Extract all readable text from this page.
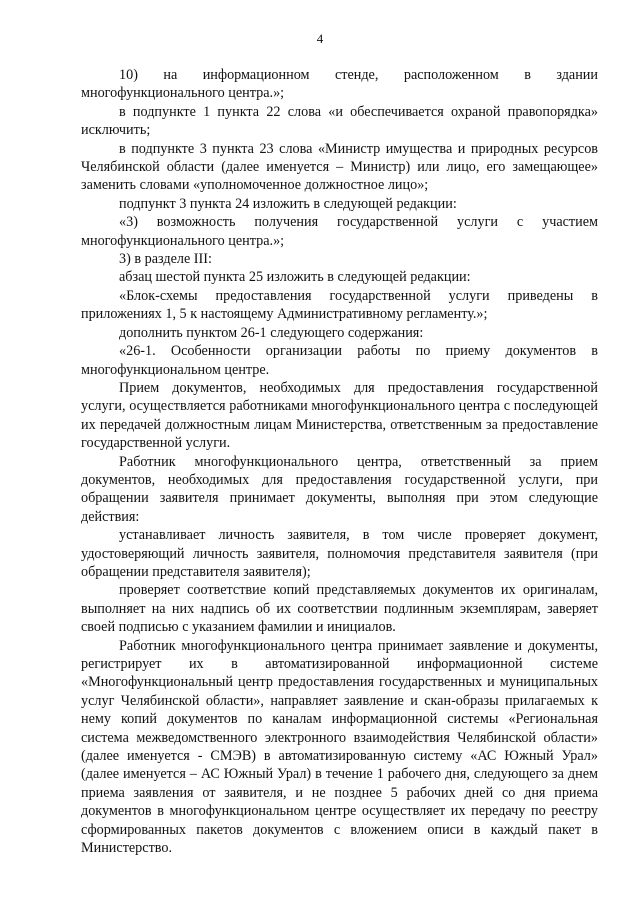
4

10) на информационном стенде, расположенном в здании многофункционального центра.»;

в подпункте 1 пункта 22 слова «и обеспечивается охраной правопорядка» исключить;

в подпункте 3 пункта 23 слова «Министр имущества и природных ресурсов Челябинской области (далее именуется – Министр) или лицо, его замещающее» заменить словами «уполномоченное должностное лицо»;

подпункт 3 пункта 24 изложить в следующей редакции:

«3) возможность получения государственной услуги с участием многофункционального центра.»;

3) в разделе III:

абзац шестой пункта 25 изложить в следующей редакции:

«Блок-схемы предоставления государственной услуги приведены в приложениях 1, 5 к настоящему Административному регламенту.»;

дополнить пунктом 26-1 следующего содержания:

«26-1. Особенности организации работы по приему документов в многофункциональном центре.

Прием документов, необходимых для предоставления государственной услуги, осуществляется работниками многофункционального центра с последующей их передачей должностным лицам Министерства, ответственным за предоставление государственной услуги.

Работник многофункционального центра, ответственный за прием документов, необходимых для предоставления государственной услуги, при обращении заявителя принимает документы, выполняя при этом следующие действия:

устанавливает личность заявителя, в том числе проверяет документ, удостоверяющий личность заявителя, полномочия представителя заявителя (при обращении представителя заявителя);

проверяет соответствие копий представляемых документов их оригиналам, выполняет на них надпись об их соответствии подлинным экземплярам, заверяет своей подписью с указанием фамилии и инициалов.

Работник многофункционального центра принимает заявление и документы, регистрирует их в автоматизированной информационной системе «Многофункциональный центр предоставления государственных и муниципальных услуг Челябинской области», направляет заявление и скан-образы прилагаемых к нему копий документов по каналам информационной системы «Региональная система межведомственного электронного взаимодействия Челябинской области» (далее именуется - СМЭВ) в автоматизированную систему «АС Южный Урал» (далее именуется – АС Южный Урал) в течение 1 рабочего дня, следующего за днем приема заявления от заявителя, и не позднее 5 рабочих дней со дня приема документов в многофункциональном центре осуществляет их передачу по реестру сформированных пакетов документов с вложением описи в каждый пакет в Министерство.
